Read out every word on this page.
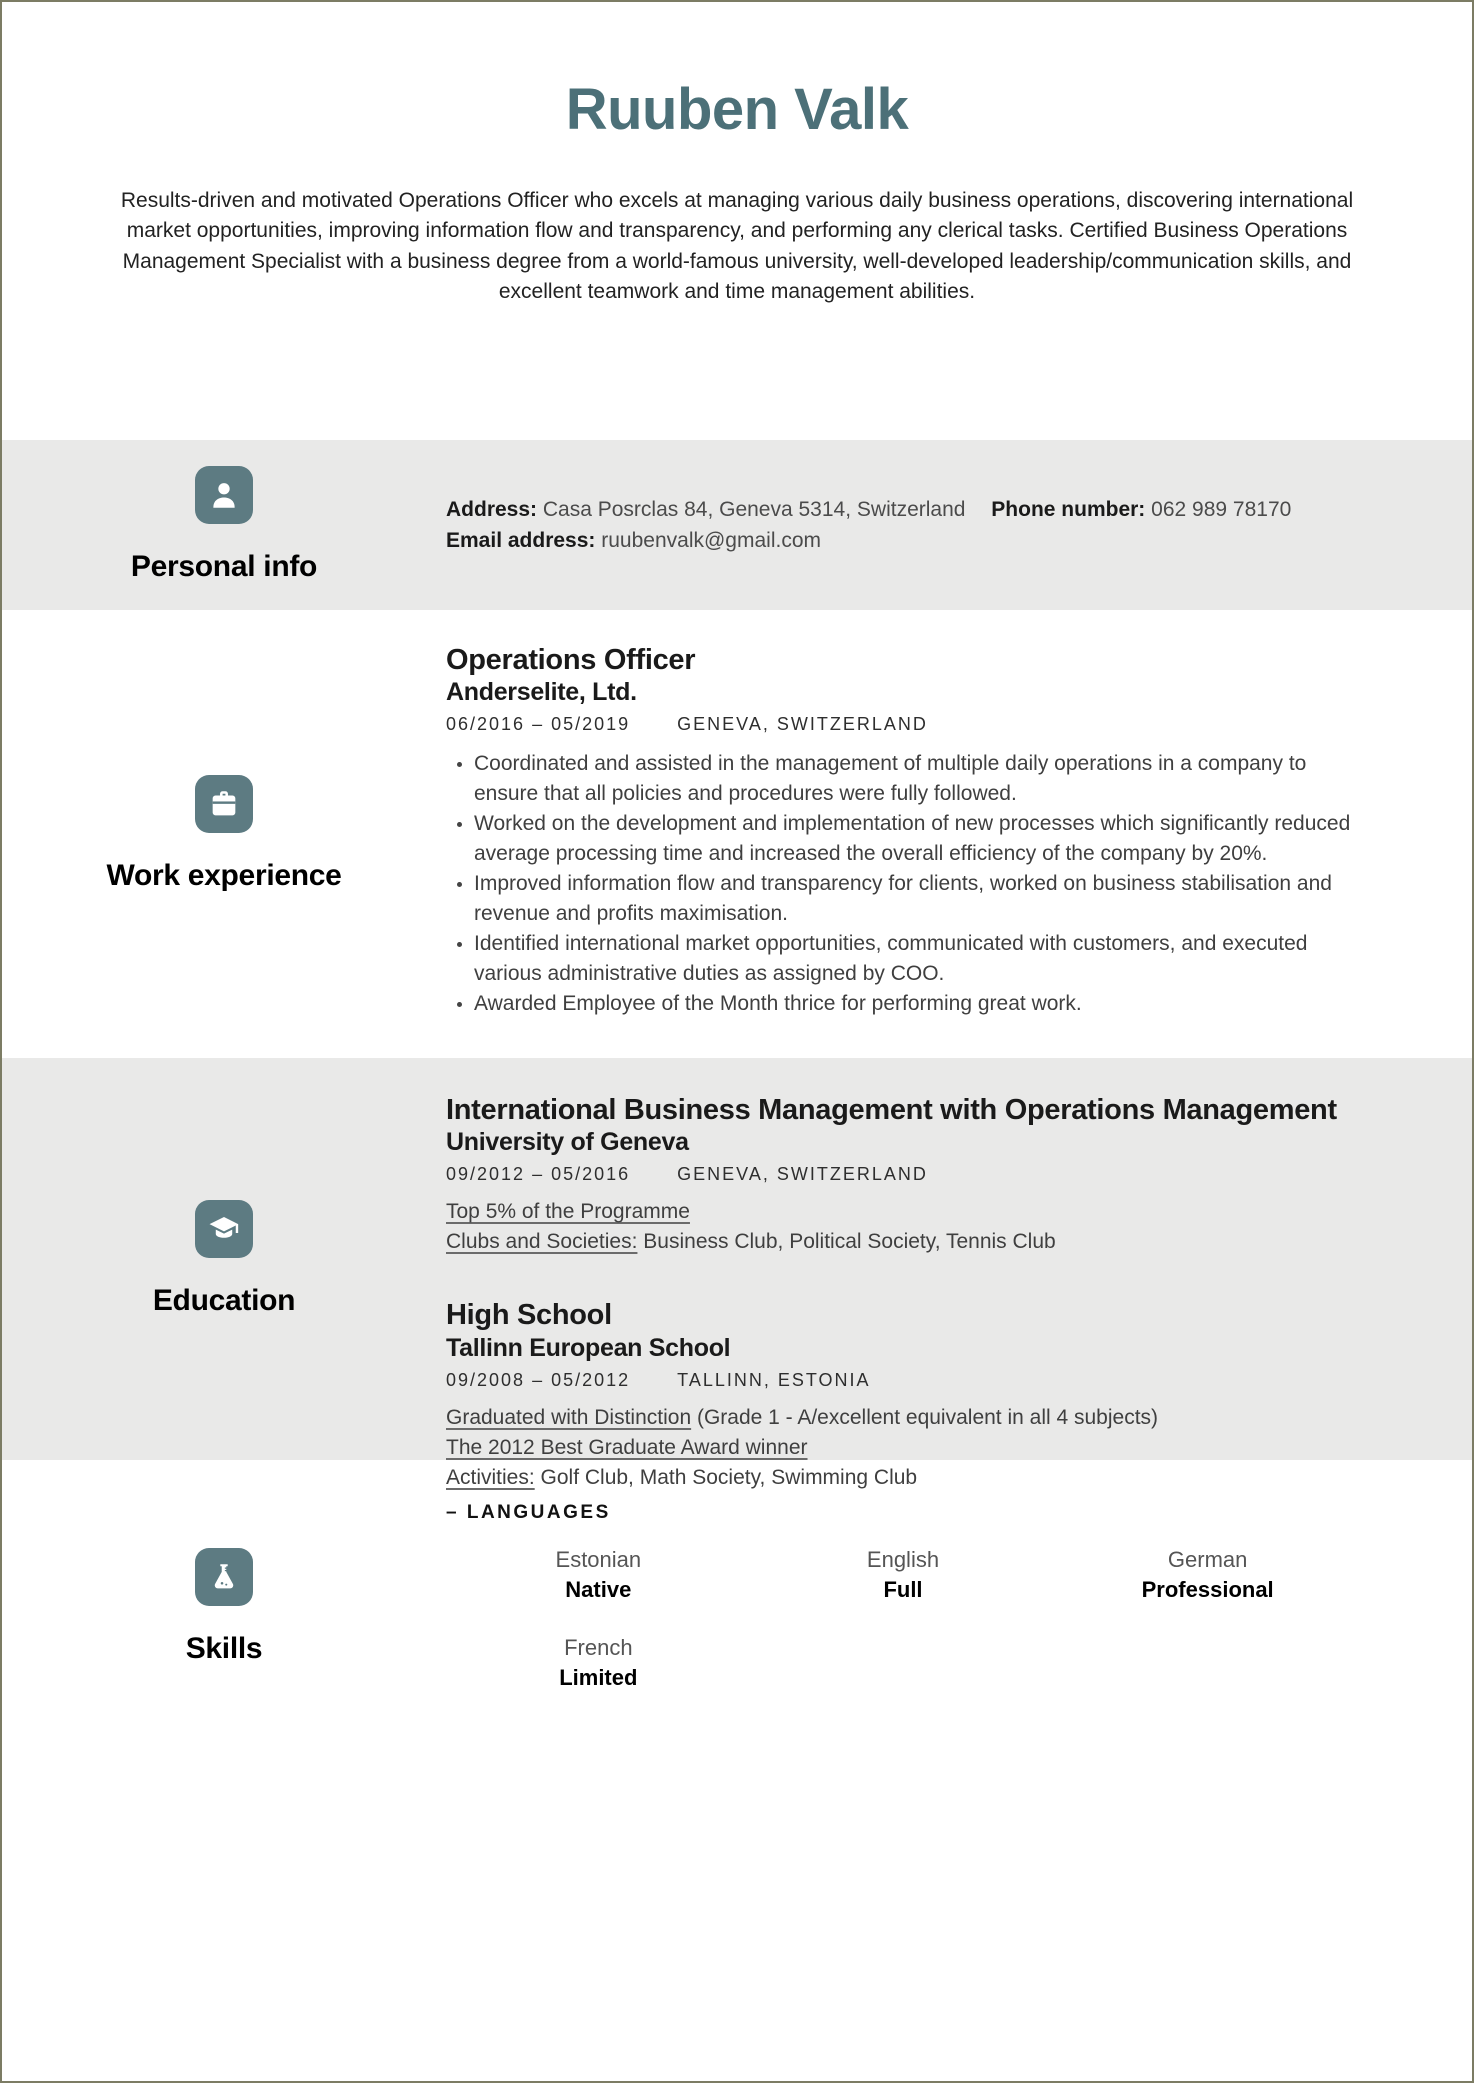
Ruuben Valk

Results-driven and motivated Operations Officer who excels at managing various daily business operations, discovering international market opportunities, improving information flow and transparency, and performing any clerical tasks. Certified Business Operations Management Specialist with a business degree from a world-famous university, well-developed leadership/communication skills, and excellent teamwork and time management abilities.

Personal info

Address: Casa Posrclas 84, Geneva 5314, Switzerland Phone number: 062 989 78170

Email address: ruubenvalk@gmail.com

Work experience
Operations Officer
Anderselite, Ltd.
06/2016 – 05/2019	GENEVA, SWITZERLAND
• Coordinated and assisted in the management of multiple daily operations in a company to ensure that all policies and procedures were fully followed.
• Worked on the development and implementation of new processes which significantly reduced average processing time and increased the overall efficiency of the company by 20%.
• Improved information flow and transparency for clients, worked on business stabilisation and revenue and profits maximisation.
• Identified international market opportunities, communicated with customers, and executed various administrative duties as assigned by COO.
• Awarded Employee of the Month thrice for performing great work.
Education
International Business Management with Operations Management
University of Geneva
09/2012 – 05/2016	GENEVA, SWITZERLAND
Top 5% of the Programme
Clubs and Societies: Business Club, Political Society, Tennis Club
High School
Tallinn European School
09/2008 – 05/2012	TALLINN, ESTONIA
Graduated with Distinction (Grade 1 - A/excellent equivalent in all 4 subjects)
The 2012 Best Graduate Award winner
Activities: Golf Club, Math Society, Swimming Club
Skills
– LANGUAGES
Estonian
Native
English
Full
German
Professional
French
Limited
